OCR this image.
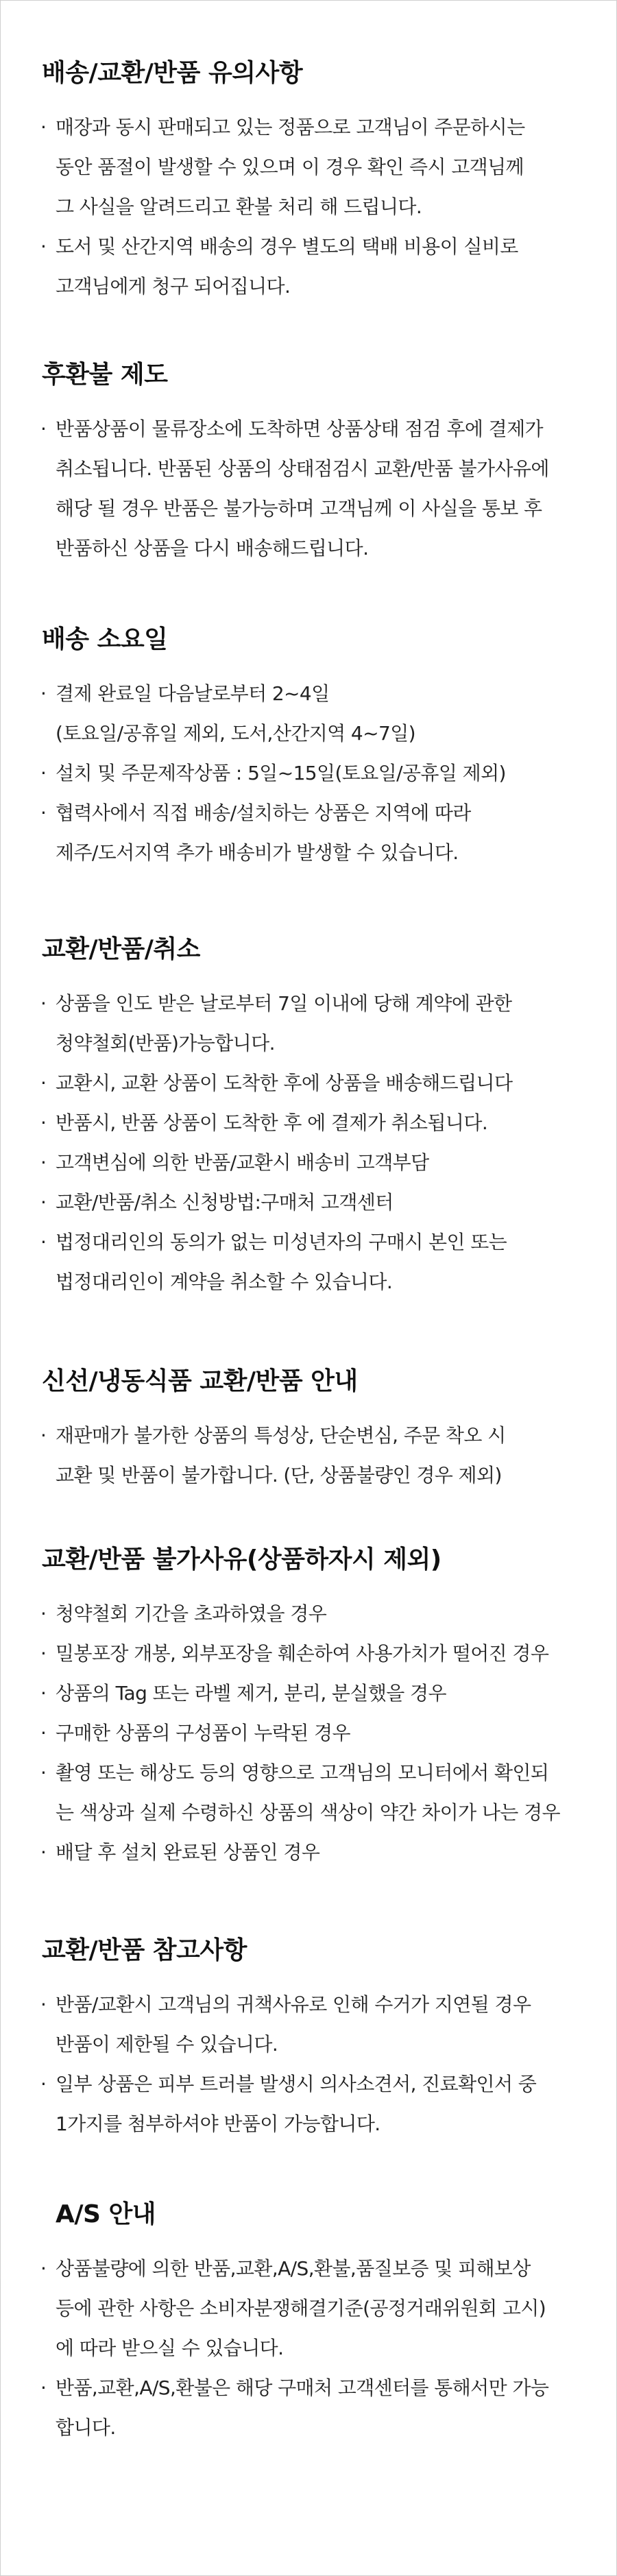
배송/교환/반품 유의사항
· 매장과 동시 판매되고 있는 정품으로 고객님이 주문하시는
동안 품절이 발생할 수 있으며 이 경우 확인 즉시 고객님께
그 사실을 알려드리고 환불 처리 해 드립니다.
· 도서 및 산간지역 배송의 경우 별도의 택배 비용이 실비로
고객님에게 청구 되어집니다.
후환불 제도
· 반품상품이 물류장소에 도착하면 상품상태 점검 후에 결제가
취소됩니다. 반품된 상품의 상태점검시 교환/반품 불가사유에
해당 될 경우 반품은 불가능하며 고객님께 이 사실을 통보 후
반품하신 상품을 다시 배송해드립니다.
배송 소요일
· 결제 완료일 다음날로부터 2~4일
(토요일/공휴일 제외, 도서,산간지역 4~7일)
· 설치 및 주문제작상품 : 5일~15일(토요일/공휴일 제외)
· 협력사에서 직접 배송/설치하는 상품은 지역에 따라
제주/도서지역 추가 배송비가 발생할 수 있습니다.
교환/반품/취소
· 상품을 인도 받은 날로부터 7일 이내에 당해 계약에 관한
청약철회(반품)가능합니다.
· 교환시, 교환 상품이 도착한 후에 상품을 배송해드립니다
· 반품시, 반품 상품이 도착한 후 에 결제가 취소됩니다.
· 고객변심에 의한 반품/교환시 배송비 고객부담
· 교환/반품/취소 신청방법:구매처 고객센터
· 법정대리인의 동의가 없는 미성년자의 구매시 본인 또는
법정대리인이 계약을 취소할 수 있습니다.
신선/냉동식품 교환/반품 안내
· 재판매가 불가한 상품의 특성상, 단순변심, 주문 착오 시
교환 및 반품이 불가합니다. (단, 상품불량인 경우 제외)
교환/반품 불가사유(상품하자시 제외)
· 청약철회 기간을 초과하였을 경우
· 밀봉포장 개봉, 외부포장을 훼손하여 사용가치가 떨어진 경우
· 상품의 Tag 또는 라벨 제거, 분리, 분실했을 경우
· 구매한 상품의 구성품이 누락된 경우
· 촬영 또는 해상도 등의 영향으로 고객님의 모니터에서 확인되
는 색상과 실제 수령하신 상품의 색상이 약간 차이가 나는 경우
· 배달 후 설치 완료된 상품인 경우
교환/반품 참고사항
· 반품/교환시 고객님의 귀책사유로 인해 수거가 지연될 경우
반품이 제한될 수 있습니다.
· 일부 상품은 피부 트러블 발생시 의사소견서, 진료확인서 중
1가지를 첨부하셔야 반품이 가능합니다.
A/S 안내
· 상품불량에 의한 반품,교환,A/S,환불,품질보증 및 피해보상
등에 관한 사항은 소비자분쟁해결기준(공정거래위원회 고시)
에 따라 받으실 수 있습니다.
· 반품,교환,A/S,환불은 해당 구매처 고객센터를 통해서만 가능
합니다.
